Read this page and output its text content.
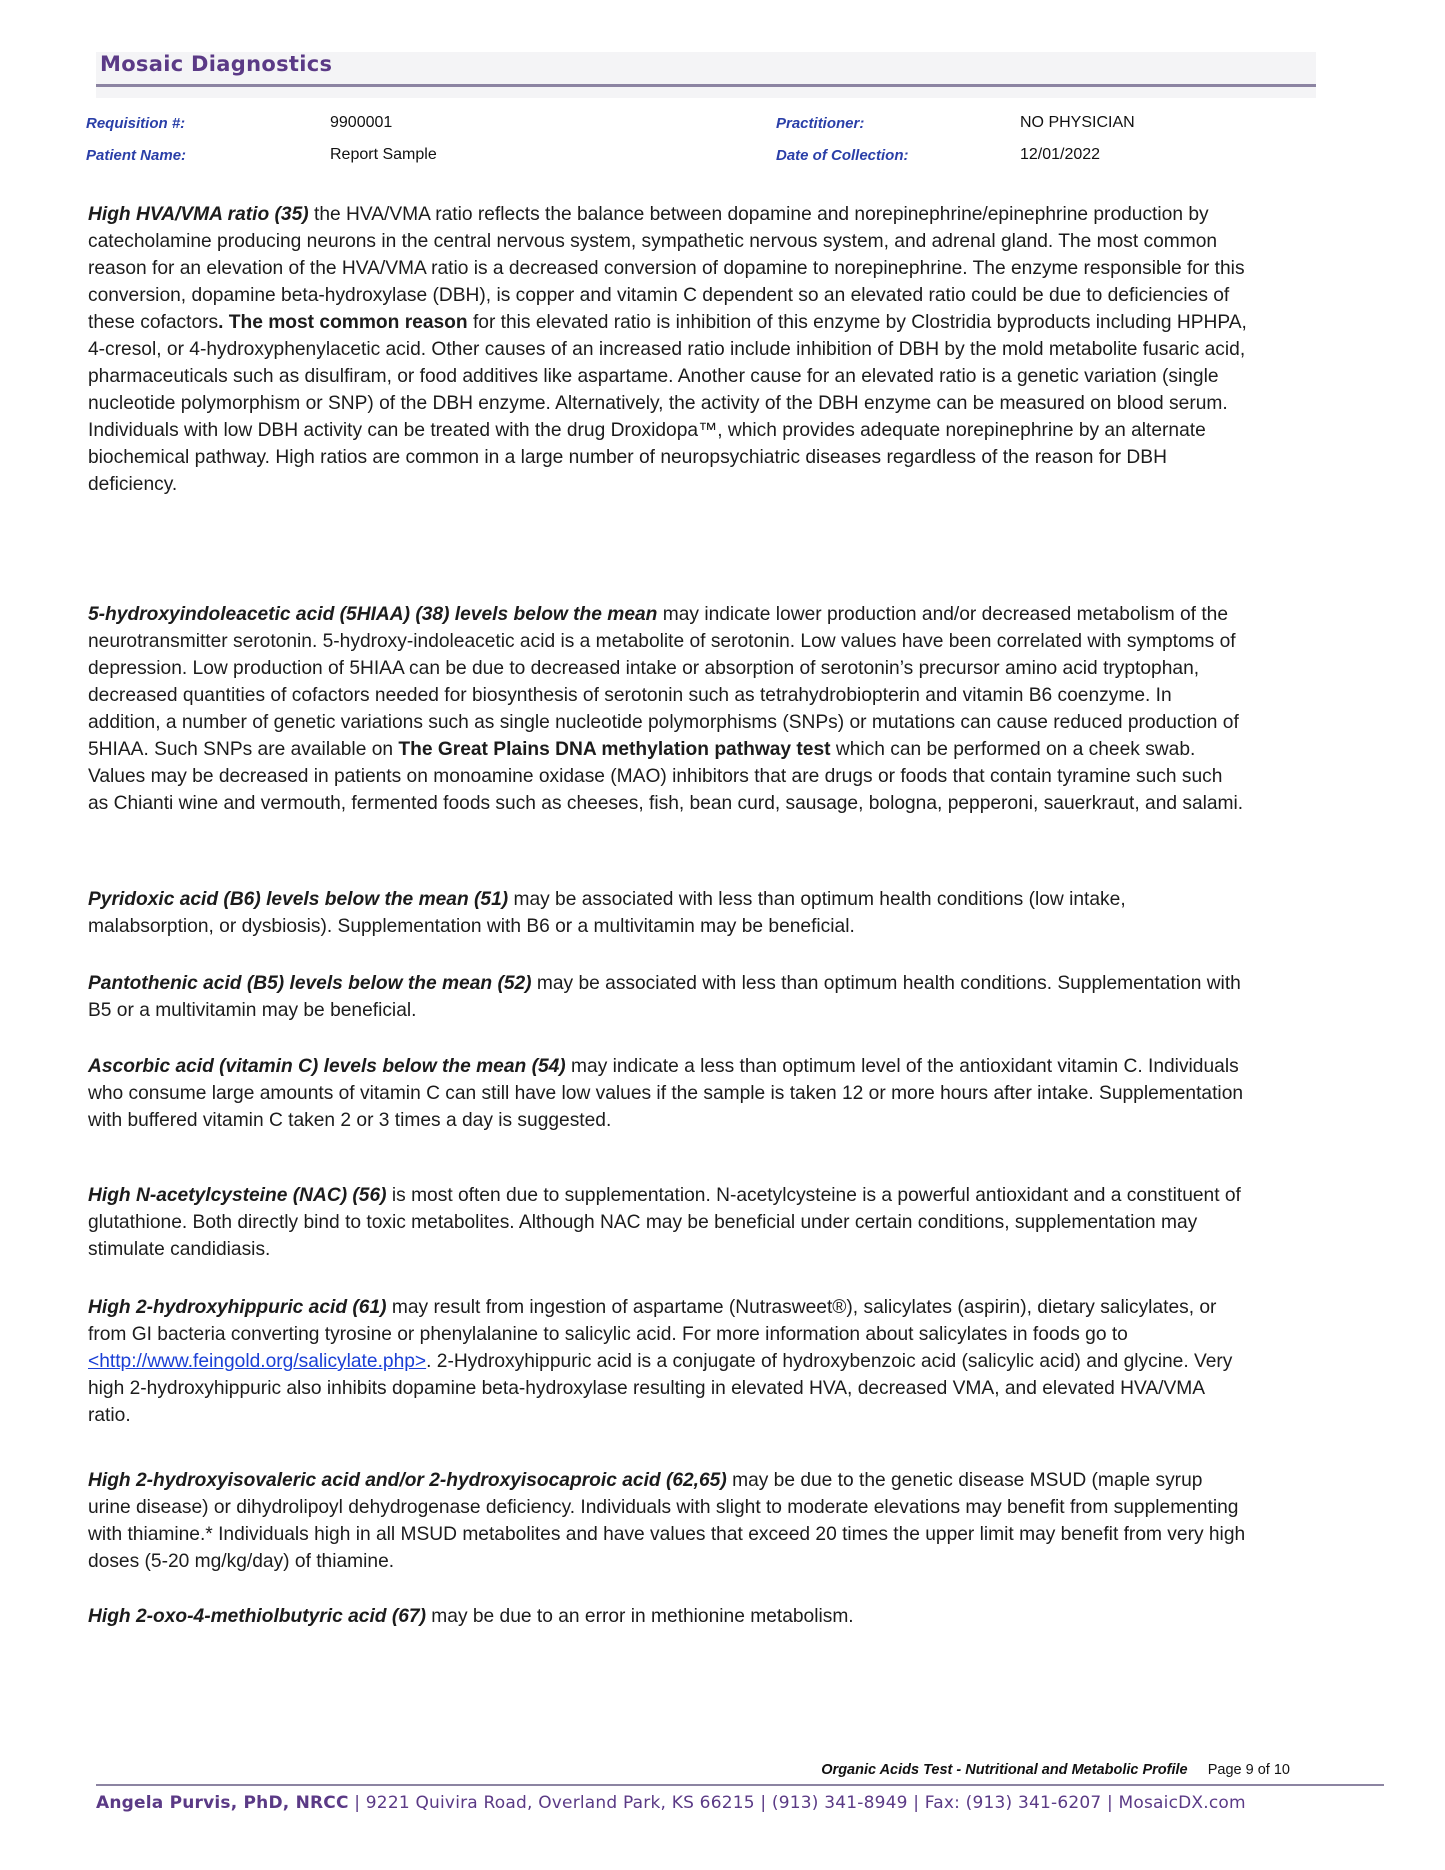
Mosaic Diagnostics
Requisition #:	9900001	Practitioner:	NO PHYSICIAN
Patient Name:	Report Sample	Date of Collection:	12/01/2022

High HVA/VMA ratio (35) the HVA/VMA ratio reflects the balance between dopamine and norepinephrine/epinephrine production by catecholamine producing neurons in the central nervous system, sympathetic nervous system, and adrenal gland. The most common reason for an elevation of the HVA/VMA ratio is a decreased conversion of dopamine to norepinephrine. The enzyme responsible for this conversion, dopamine beta-hydroxylase (DBH), is copper and vitamin C dependent so an elevated ratio could be due to deficiencies of these cofactors. The most common reason for this elevated ratio is inhibition of this enzyme by Clostridia byproducts including HPHPA, 4-cresol, or 4-hydroxyphenylacetic acid. Other causes of an increased ratio include inhibition of DBH by the mold metabolite fusaric acid, pharmaceuticals such as disulfiram, or food additives like aspartame. Another cause for an elevated ratio is a genetic variation (single nucleotide polymorphism or SNP) of the DBH enzyme. Alternatively, the activity of the DBH enzyme can be measured on blood serum. Individuals with low DBH activity can be treated with the drug Droxidopa™, which provides adequate norepinephrine by an alternate biochemical pathway. High ratios are common in a large number of neuropsychiatric diseases regardless of the reason for DBH deficiency.

5-hydroxyindoleacetic acid (5HIAA) (38) levels below the mean may indicate lower production and/or decreased metabolism of the neurotransmitter serotonin. 5-hydroxy-indoleacetic acid is a metabolite of serotonin. Low values have been correlated with symptoms of depression. Low production of 5HIAA can be due to decreased intake or absorption of serotonin’s precursor amino acid tryptophan, decreased quantities of cofactors needed for biosynthesis of serotonin such as tetrahydrobiopterin and vitamin B6 coenzyme. In addition, a number of genetic variations such as single nucleotide polymorphisms (SNPs) or mutations can cause reduced production of 5HIAA. Such SNPs are available on The Great Plains DNA methylation pathway test which can be performed on a cheek swab. Values may be decreased in patients on monoamine oxidase (MAO) inhibitors that are drugs or foods that contain tyramine such such as Chianti wine and vermouth, fermented foods such as cheeses, fish, bean curd, sausage, bologna, pepperoni, sauerkraut, and salami.

Pyridoxic acid (B6) levels below the mean (51) may be associated with less than optimum health conditions (low intake, malabsorption, or dysbiosis). Supplementation with B6 or a multivitamin may be beneficial.

Pantothenic acid (B5) levels below the mean (52) may be associated with less than optimum health conditions. Supplementation with B5 or a multivitamin may be beneficial.

Ascorbic acid (vitamin C) levels below the mean (54) may indicate a less than optimum level of the antioxidant vitamin C. Individuals who consume large amounts of vitamin C can still have low values if the sample is taken 12 or more hours after intake. Supplementation with buffered vitamin C taken 2 or 3 times a day is suggested.

High N-acetylcysteine (NAC) (56) is most often due to supplementation. N-acetylcysteine is a powerful antioxidant and a constituent of glutathione. Both directly bind to toxic metabolites. Although NAC may be beneficial under certain conditions, supplementation may stimulate candidiasis.

High 2-hydroxyhippuric acid (61) may result from ingestion of aspartame (Nutrasweet®), salicylates (aspirin), dietary salicylates, or from GI bacteria converting tyrosine or phenylalanine to salicylic acid. For more information about salicylates in foods go to <http://www.feingold.org/salicylate.php>. 2-Hydroxyhippuric acid is a conjugate of hydroxybenzoic acid (salicylic acid) and glycine. Very high 2-hydroxyhippuric also inhibits dopamine beta-hydroxylase resulting in elevated HVA, decreased VMA, and elevated HVA/VMA ratio.

High 2-hydroxyisovaleric acid and/or 2-hydroxyisocaproic acid (62,65) may be due to the genetic disease MSUD (maple syrup urine disease) or dihydrolipoyl dehydrogenase deficiency. Individuals with slight to moderate elevations may benefit from supplementing with thiamine.* Individuals high in all MSUD metabolites and have values that exceed 20 times the upper limit may benefit from very high doses (5-20 mg/kg/day) of thiamine.

High 2-oxo-4-methiolbutyric acid (67) may be due to an error in methionine metabolism.

Organic Acids Test - Nutritional and Metabolic Profile Page 9 of 10
Angela Purvis, PhD, NRCC | 9221 Quivira Road, Overland Park, KS 66215 | (913) 341-8949 | Fax: (913) 341-6207 | MosaicDX.com
